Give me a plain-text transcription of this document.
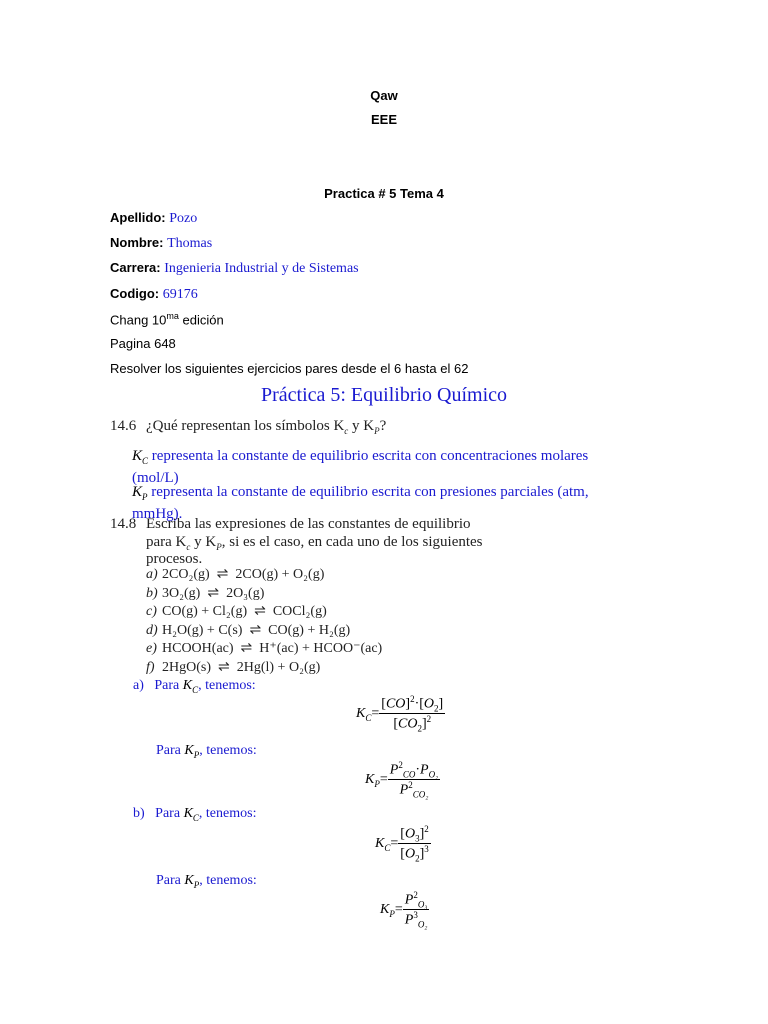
Qaw
EEE
Practica # 5 Tema 4
Apellido: Pozo
Nombre: Thomas
Carrera: Ingenieria Industrial y de Sistemas
Codigo: 69176
Chang $10^{ma}$ edición
Pagina 648
Resolver los siguientes ejercicios pares desde el 6 hasta el 62
Práctica 5: Equilibrio Químico
14.6 ¿Qué representan los símbolos $K_c$ y $K_P$?
$K_C$ representa la constante de equilibrio escrita con concentraciones molares (mol/L)
$K_P$ representa la constante de equilibrio escrita con presiones parciales (atm, mmHg).
14.8 Escriba las expresiones de las constantes de equilibrio
para $K_c$ y $K_P$, si es el caso, en cada uno de los siguientes
procesos.
a) 2CO₂(g)  ⇌  2CO(g) + O₂(g)
b) 3O₂(g)  ⇌  2O₃(g)
c) CO(g) + Cl₂(g)  ⇌  COCl₂(g)
d) H₂O(g) + C(s)  ⇌  CO(g) + H₂(g)
e) HCOOH(ac)  ⇌  H⁺(ac) + HCOO⁻(ac)
f) 2HgO(s)  ⇌  2Hg(l) + O₂(g)
a) Para $K_C$, tenemos:
$K_C= \frac{[CO]^2\cdot[O_2]}{[CO_2]^2}$
Para $K_P$, tenemos:
$K_P= \frac{P^2_{CO}\cdot P_{O_2}}{P^2_{CO_2}}$
b) Para $K_C$, tenemos:
$K_C= \frac{[O_3]^2}{[O_2]^3}$
Para $K_P$, tenemos:
$K_P= \frac{P^2_{O_3}}{P^3_{O_2}}$
